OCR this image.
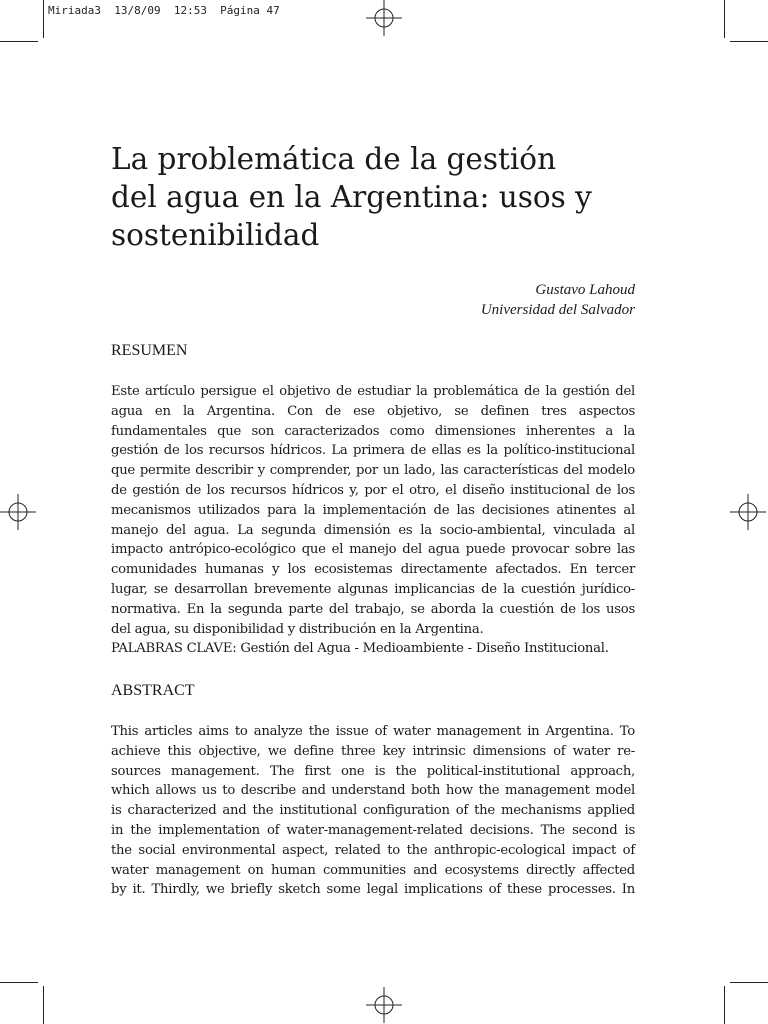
Miriada3  13/8/09  12:53  Página 47
La problemática de la gestión
del agua en la Argentina: usos y
sostenibilidad
Gustavo Lahoud
Universidad del Salvador
RESUMEN

Este artículo persigue el objetivo de estudiar la problemática de la gestión del
agua en la Argentina. Con de ese objetivo, se definen tres aspectos
fundamentales que son caracterizados como dimensiones inherentes a la
gestión de los recursos hídricos. La primera de ellas es la político-institucional
que permite describir y comprender, por un lado, las características del modelo
de gestión de los recursos hídricos y, por el otro, el diseño institucional de los
mecanismos utilizados para la implementación de las decisiones atinentes al
manejo del agua. La segunda dimensión es la socio-ambiental, vinculada al
impacto antrópico-ecológico que el manejo del agua puede provocar sobre las
comunidades humanas y los ecosistemas directamente afectados. En tercer
lugar, se desarrollan brevemente algunas implicancias de la cuestión jurídico-
normativa. En la segunda parte del trabajo, se aborda la cuestión de los usos
del agua, su disponibilidad y distribución en la Argentina.
PALABRAS CLAVE: Gestión del Agua - Medioambiente - Diseño Institucional.

ABSTRACT

This articles aims to analyze the issue of water management in Argentina. To
achieve this objective, we define three key intrinsic dimensions of water re-
sources management. The first one is the political-institutional approach,
which allows us to describe and understand both how the management model
is characterized and the institutional configuration of the mechanisms applied
in the implementation of water-management-related decisions. The second is
the social environmental aspect, related to the anthropic-ecological impact of
water management on human communities and ecosystems directly affected
by it. Thirdly, we briefly sketch some legal implications of these processes. In
